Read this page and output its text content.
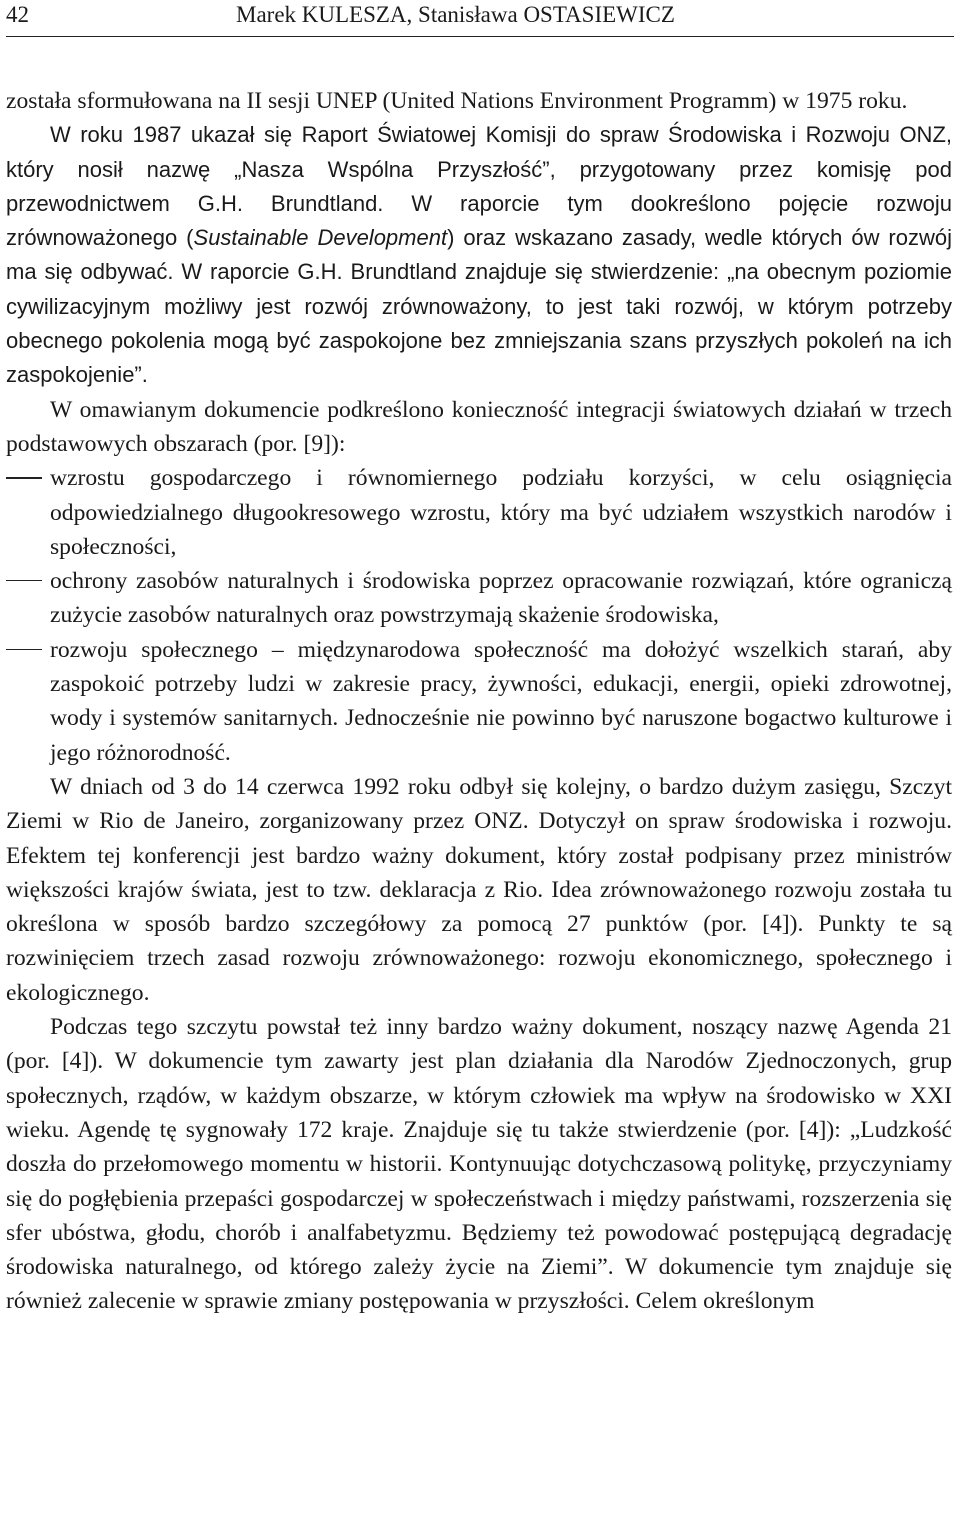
42	Marek KULESZA, Stanisława OSTASIEWICZ

została sformułowana na II sesji UNEP (United Nations Environment Programm) w 1975 roku.

W roku 1987 ukazał się Raport Światowej Komisji do spraw Środowiska i Rozwoju ONZ, który nosił nazwę „Nasza Wspólna Przyszłość”, przygotowany przez komisję pod przewodnictwem G.H. Brundtland. W raporcie tym dookreślono pojęcie rozwoju zrównoważonego (Sustainable Development) oraz wskazano zasady, wedle których ów rozwój ma się odbywać. W raporcie G.H. Brundtland znajduje się stwierdzenie: „na obecnym poziomie cywilizacyjnym możliwy jest rozwój zrównoważony, to jest taki rozwój, w którym potrzeby obecnego pokolenia mogą być zaspokojone bez zmniejszania szans przyszłych pokoleń na ich zaspokojenie”.

W omawianym dokumencie podkreślono konieczność integracji światowych działań w trzech podstawowych obszarach (por. [9]):

wzrostu gospodarczego i równomiernego podziału korzyści, w celu osiągnięcia odpowiedzialnego długookresowego wzrostu, który ma być udziałem wszystkich narodów i społeczności,
ochrony zasobów naturalnych i środowiska poprzez opracowanie rozwiązań, które ograniczą zużycie zasobów naturalnych oraz powstrzymają skażenie środowiska,
rozwoju społecznego – międzynarodowa społeczność ma dołożyć wszelkich starań, aby zaspokoić potrzeby ludzi w zakresie pracy, żywności, edukacji, energii, opieki zdrowotnej, wody i systemów sanitarnych. Jednocześnie nie powinno być naruszone bogactwo kulturowe i jego różnorodność.

W dniach od 3 do 14 czerwca 1992 roku odbył się kolejny, o bardzo dużym zasięgu, Szczyt Ziemi w Rio de Janeiro, zorganizowany przez ONZ. Dotyczył on spraw środowiska i rozwoju. Efektem tej konferencji jest bardzo ważny dokument, który został podpisany przez ministrów większości krajów świata, jest to tzw. deklaracja z Rio. Idea zrównoważonego rozwoju została tu określona w sposób bardzo szczegółowy za pomocą 27 punktów (por. [4]). Punkty te są rozwinięciem trzech zasad rozwoju zrównoważonego: rozwoju ekonomicznego, społecznego i ekologicznego.

Podczas tego szczytu powstał też inny bardzo ważny dokument, noszący nazwę Agenda 21 (por. [4]). W dokumencie tym zawarty jest plan działania dla Narodów Zjednoczonych, grup społecznych, rządów, w każdym obszarze, w którym człowiek ma wpływ na środowisko w XXI wieku. Agendę tę sygnowały 172 kraje. Znajduje się tu także stwierdzenie (por. [4]): „Ludzkość doszła do przełomowego momentu w historii. Kontynuując dotychczasową politykę, przyczyniamy się do pogłębienia przepaści gospodarczej w społeczeństwach i między państwami, rozszerzenia się sfer ubóstwa, głodu, chorób i analfabetyzmu. Będziemy też powodować postępującą degradację środowiska naturalnego, od którego zależy życie na Ziemi”. W dokumencie tym znajduje się również zalecenie w sprawie zmiany postępowania w przyszłości. Celem określonym
